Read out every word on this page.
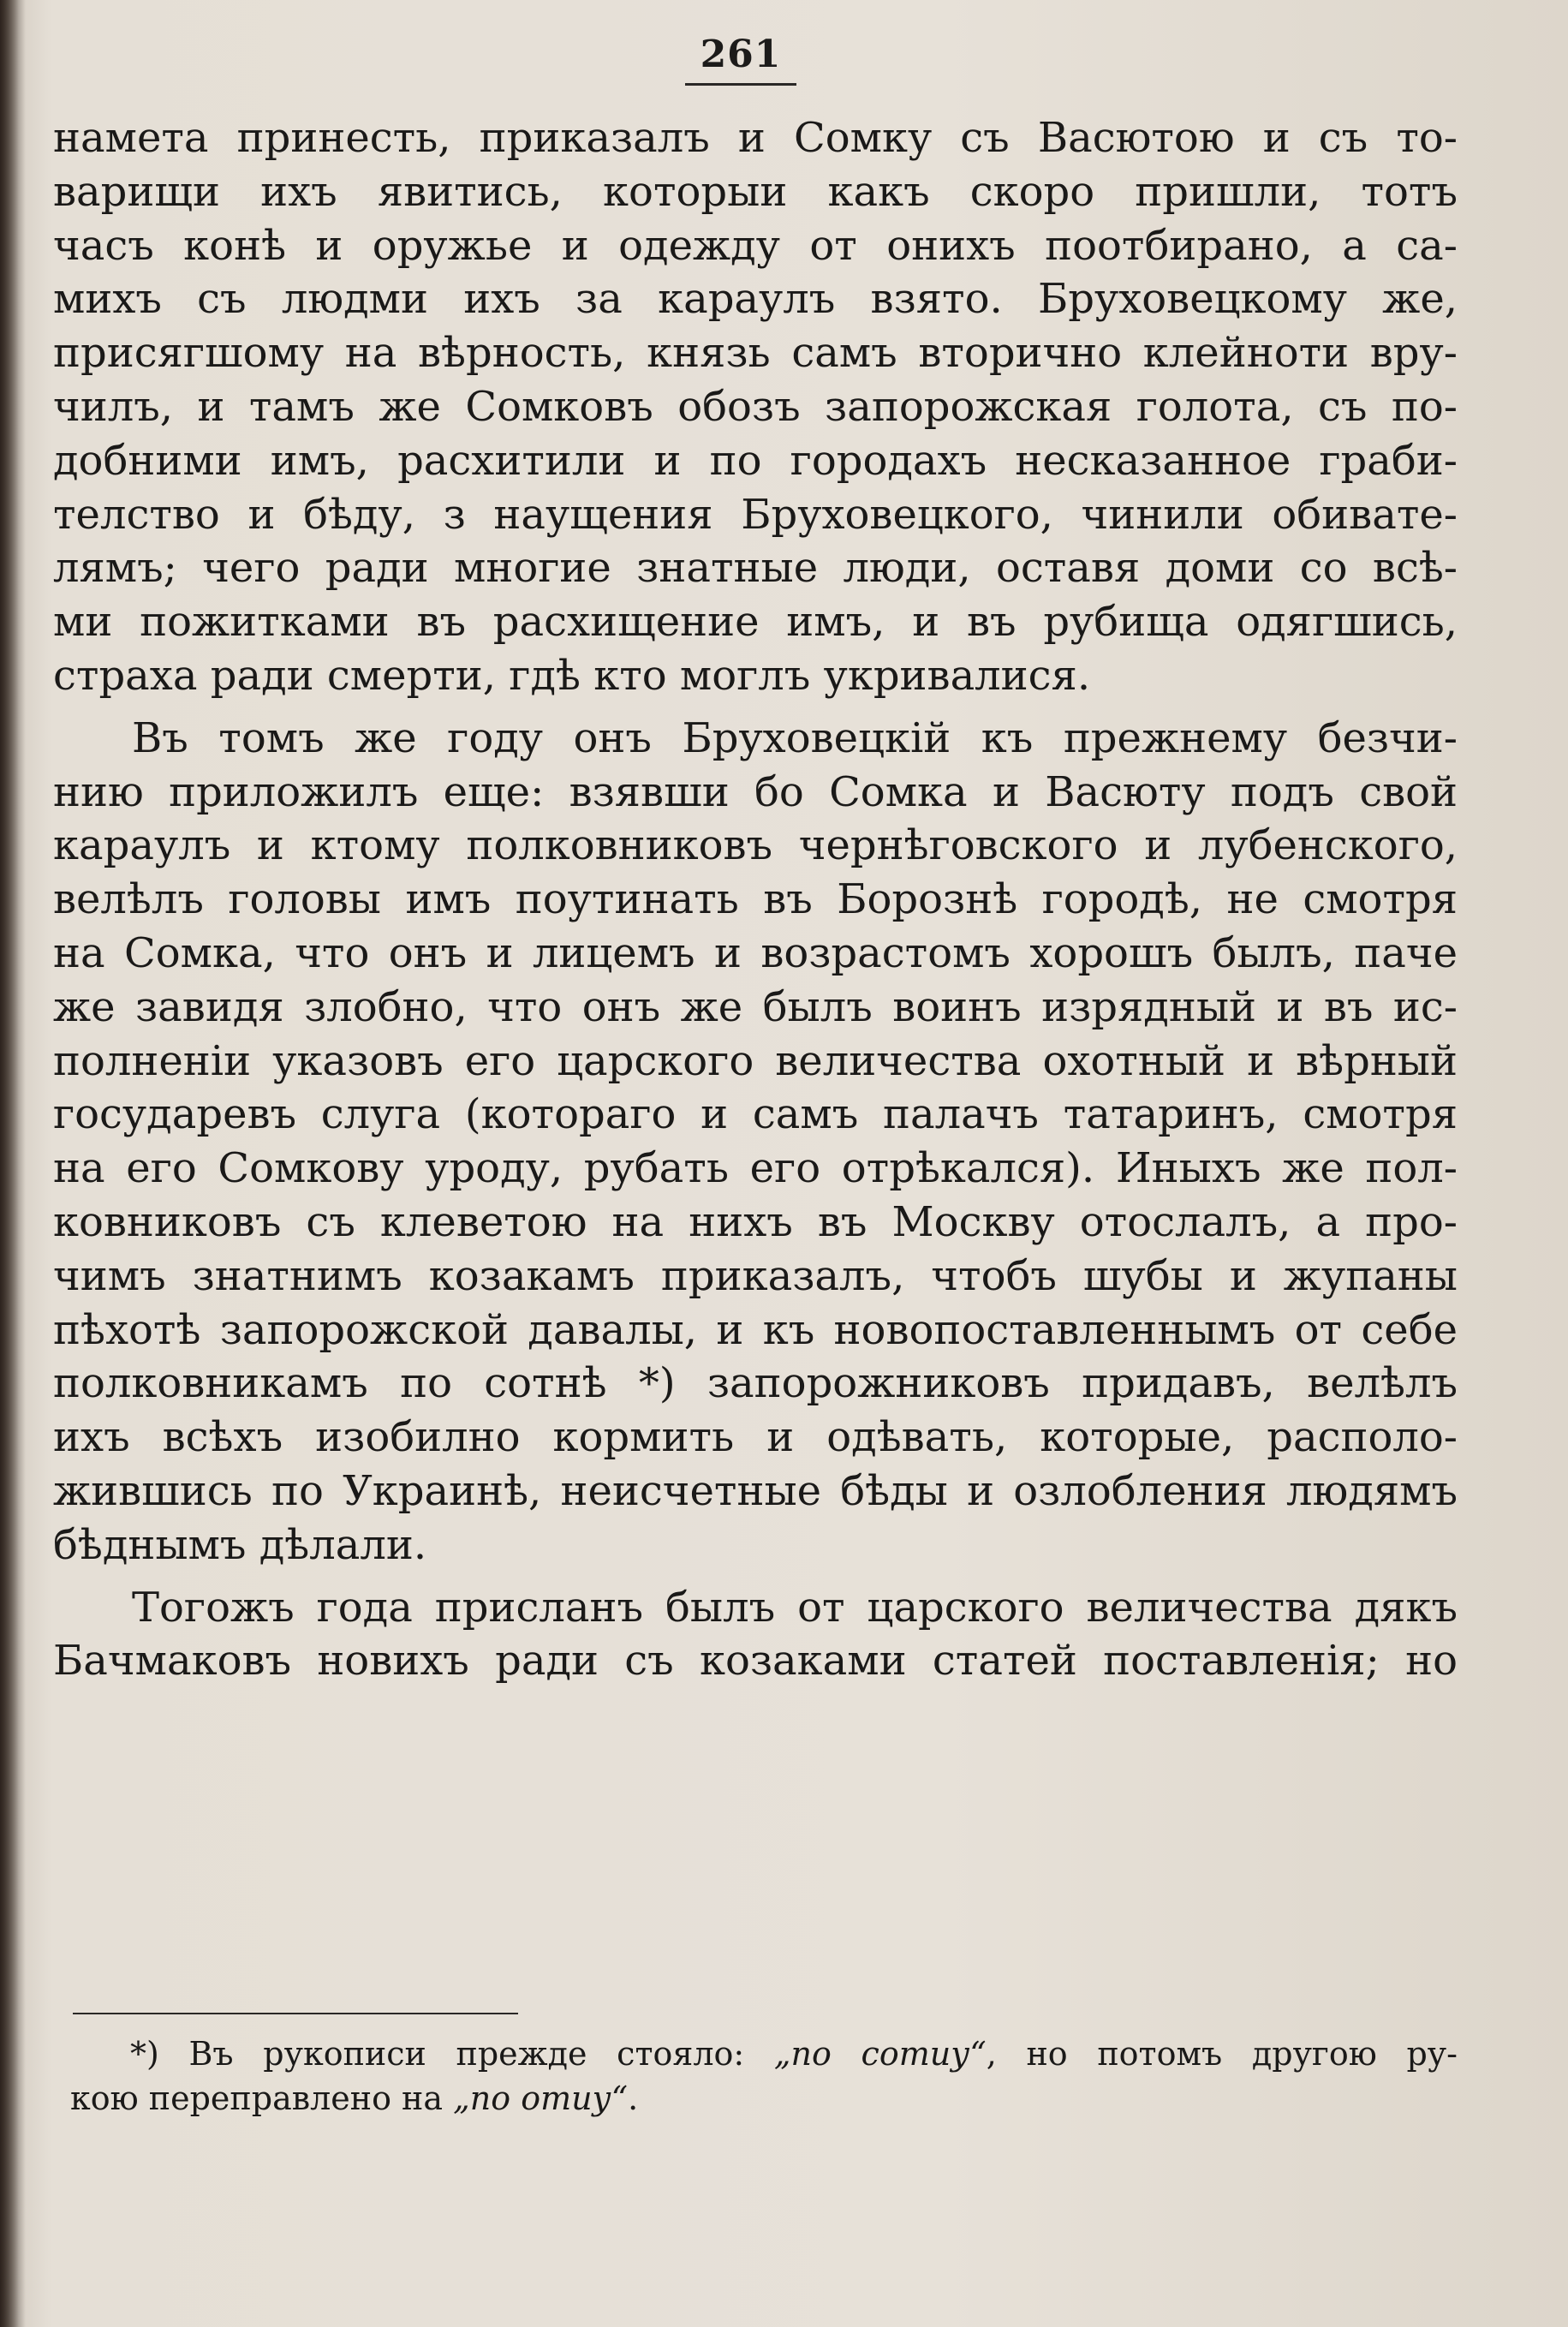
261
намета принесть, приказалъ и Сомку съ Васютою и съ то-
варищи ихъ явитись, которыи какъ скоро пришли, тотъ
часъ конѣ и оружье и одежду от онихъ поотбирано, а са-
михъ съ людми ихъ за караулъ взято. Бруховецкому же,
присягшому на вѣрность, князь самъ вторично клейноти вру-
чилъ, и тамъ же Сомковъ обозъ запорожская голота, съ по-
добними имъ, расхитили и по городахъ несказанное граби-
телство и бѣду, з наущения Бруховецкого, чинили обивате-
лямъ; чего ради многие знатные люди, оставя доми со всѣ-
ми пожитками въ расхищение имъ, и въ рубища одягшись,
страха ради смерти, гдѣ кто моглъ укривалися.
Въ томъ же году онъ Бруховецкій къ прежнему безчи-
нию приложилъ еще: взявши бо Сомка и Васюту подъ свой
караулъ и ктому полковниковъ чернѣговского и лубенского,
велѣлъ головы имъ поутинать въ Борознѣ городѣ, не смотря
на Сомка, что онъ и лицемъ и возрастомъ хорошъ былъ, паче
же завидя злобно, что онъ же былъ воинъ изрядный и въ ис-
полненіи указовъ его царского величества охотный и вѣрный
государевъ слуга (котораго и самъ палачъ татаринъ, смотря
на его Сомкову уроду, рубать его отрѣкался). Иныхъ же пол-
ковниковъ съ клеветою на нихъ въ Москву отослалъ, а про-
чимъ знатнимъ козакамъ приказалъ, чтобъ шубы и жупаны
пѣхотѣ запорожской давалы, и къ новопоставленнымъ от себе
полковникамъ по сотнѣ *) запорожниковъ придавъ, велѣлъ
ихъ всѣхъ изобилно кормить и одѣвать, которые, располо-
жившись по Украинѣ, неисчетные бѣды и озлобления людямъ
бѣднымъ дѣлали.
Тогожъ года присланъ былъ от царского величества дякъ
Бачмаковъ новихъ ради съ козаками статей поставленія; но
*) Въ рукописи прежде стояло: „по сотиу“, но потомъ другою ру-
кою переправлено на „по отиу“.
